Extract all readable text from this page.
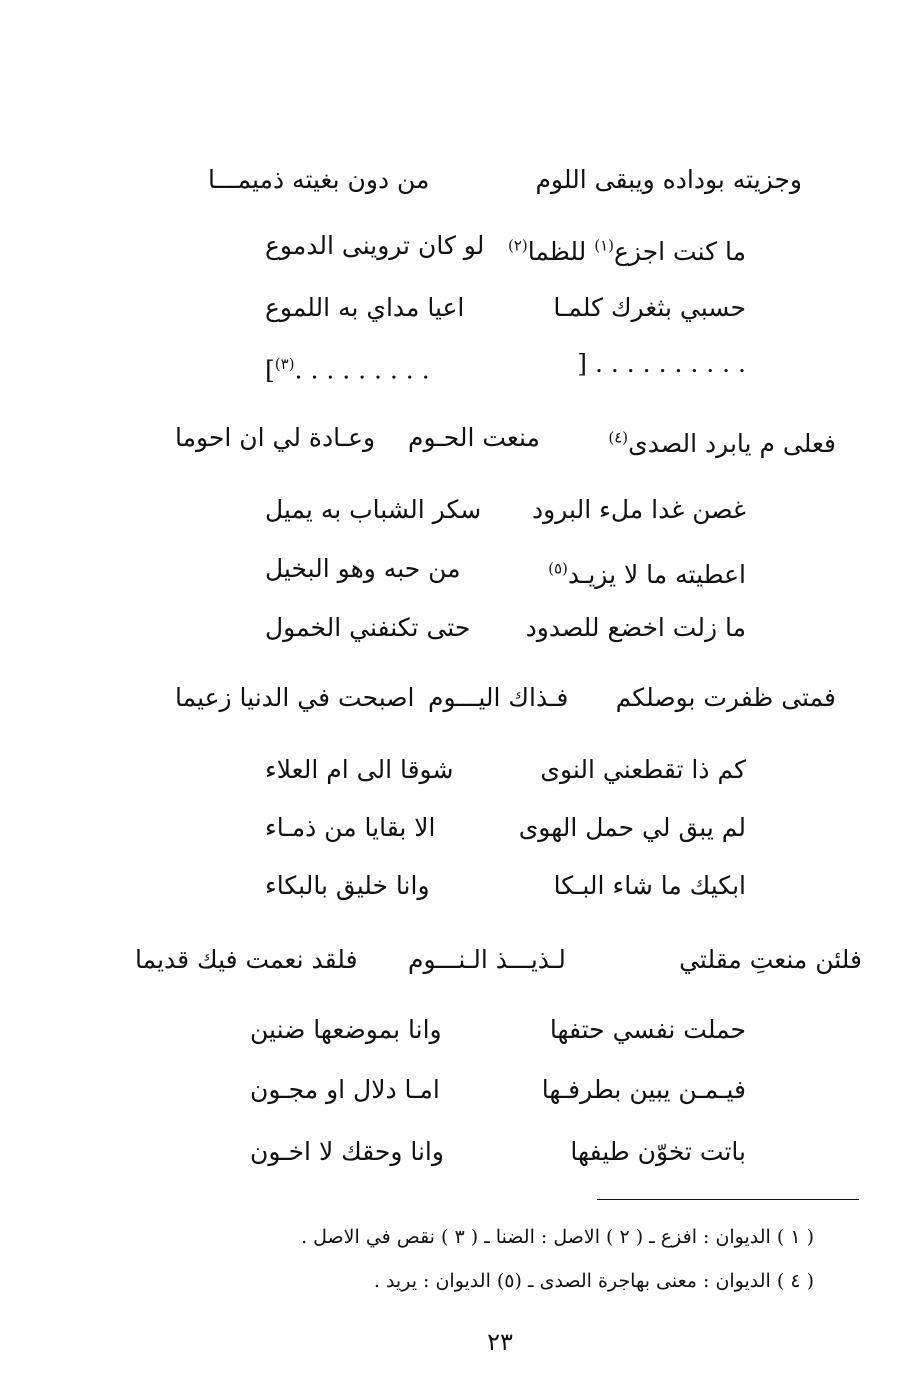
وجزيته بوداده ويبقى اللوم
من دون بغيته ذميمـــا
ما كنت اجزع$^{(١)}$ للظما$^{(٢)}$
لو كان تروينى الدموع
حسبي بثغرك كلمـا
اعيا مداي به اللموع
] . . . . . . . . . .
[$^{(٣)}$. . . . . . . . .
فعلى م يابرد الصدى$^{(٤)}$
منعت الحـوم
وعـادة لي ان احوما
غصن غدا ملء البرود
سكر الشباب به يميل
اعطيته ما لا يزيـد$^{(٥)}$
من حبه وهو البخيل
ما زلت اخضع للصدود
حتى تكنفني الخمول
فمتى ظفرت بوصلكم
فـذاك اليـــوم
اصبحت في الدنيا زعيما
كم ذا تقطعني النوى
شوقا الى ام العلاء
لم يبق لي حمل الهوى
الا بقايا من ذمـاء
ابكيك ما شاء البـكا
وانا خليق بالبكاء
فلئن منعتِ مقلتي
لـذيـــذ الـنـــوم
فلقد نعمت فيك قديما
حملت نفسي حتفها
وانا بموضعها ضنين
فيـمـن يبين بطرفـها
امـا دلال او مجـون
باتت تخوّن طيفها
وانا وحقك لا اخـون
( ١ ) الديوان : افزع ـ ( ٢ ) الاصل : الضنا ـ ( ٣ ) نقص في الاصل .
( ٤ ) الديوان : معنى بهاجرة الصدى ـ (٥) الديوان : يريد .
٢٣
